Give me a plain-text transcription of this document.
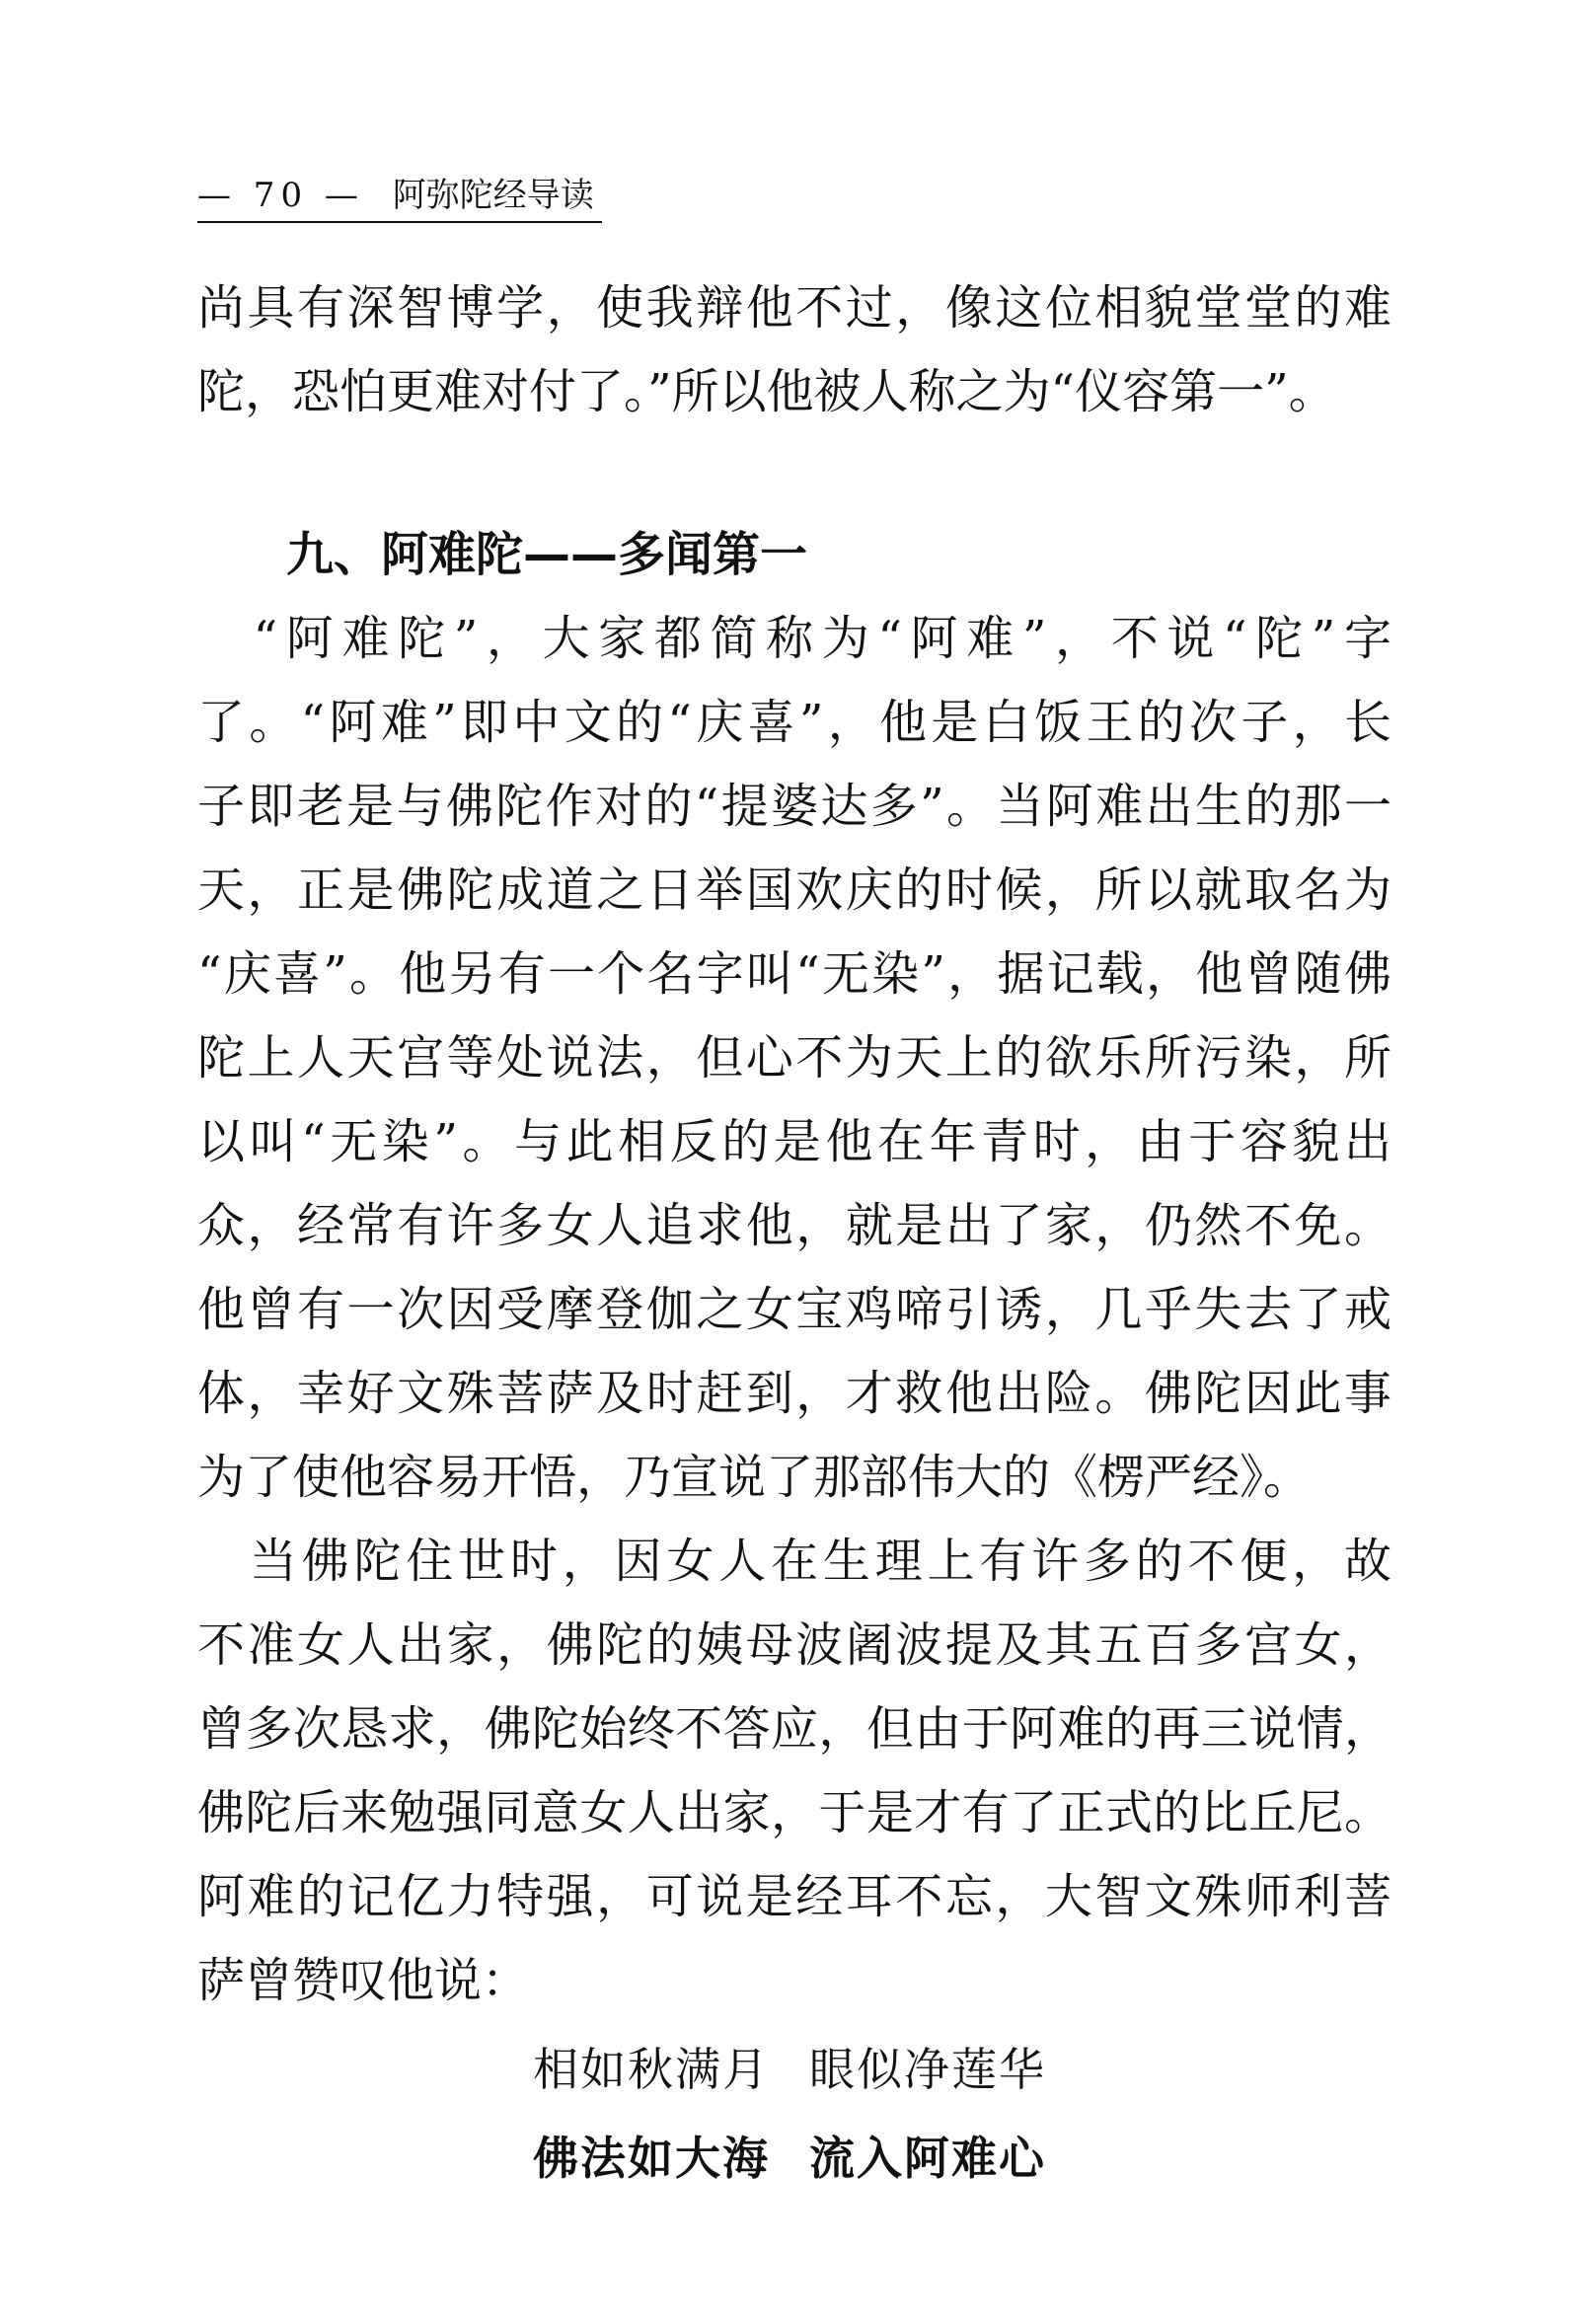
— 70 — 阿弥陀经导读
尚具有深智博学，使我辩他不过，像这位相貌堂堂的难
陀，恐怕更难对付了。”所以他被人称之为“仪容第一”。
九、阿难陀——多闻第一
　“阿难陀”，大家都简称为“阿难”，不说“陀”字
了。“阿难”即中文的“庆喜”，他是白饭王的次子，长
子即老是与佛陀作对的“提婆达多”。当阿难出生的那一
天，正是佛陀成道之日举国欢庆的时候，所以就取名为
“庆喜”。他另有一个名字叫“无染”，据记载，他曾随佛
陀上人天宫等处说法，但心不为天上的欲乐所污染，所
以叫“无染”。与此相反的是他在年青时，由于容貌出
众，经常有许多女人追求他，就是出了家，仍然不免。
他曾有一次因受摩登伽之女宝鸡啼引诱，几乎失去了戒
体，幸好文殊菩萨及时赶到，才救他出险。佛陀因此事
为了使他容易开悟，乃宣说了那部伟大的《楞严经》。
　当佛陀住世时，因女人在生理上有许多的不便，故
不准女人出家，佛陀的姨母波阇波提及其五百多宫女，
曾多次恳求，佛陀始终不答应，但由于阿难的再三说情，
佛陀后来勉强同意女人出家，于是才有了正式的比丘尼。
阿难的记亿力特强，可说是经耳不忘，大智文殊师利菩
萨曾赞叹他说：
相如秋满月 眼似净莲华
佛法如大海 流入阿难心
